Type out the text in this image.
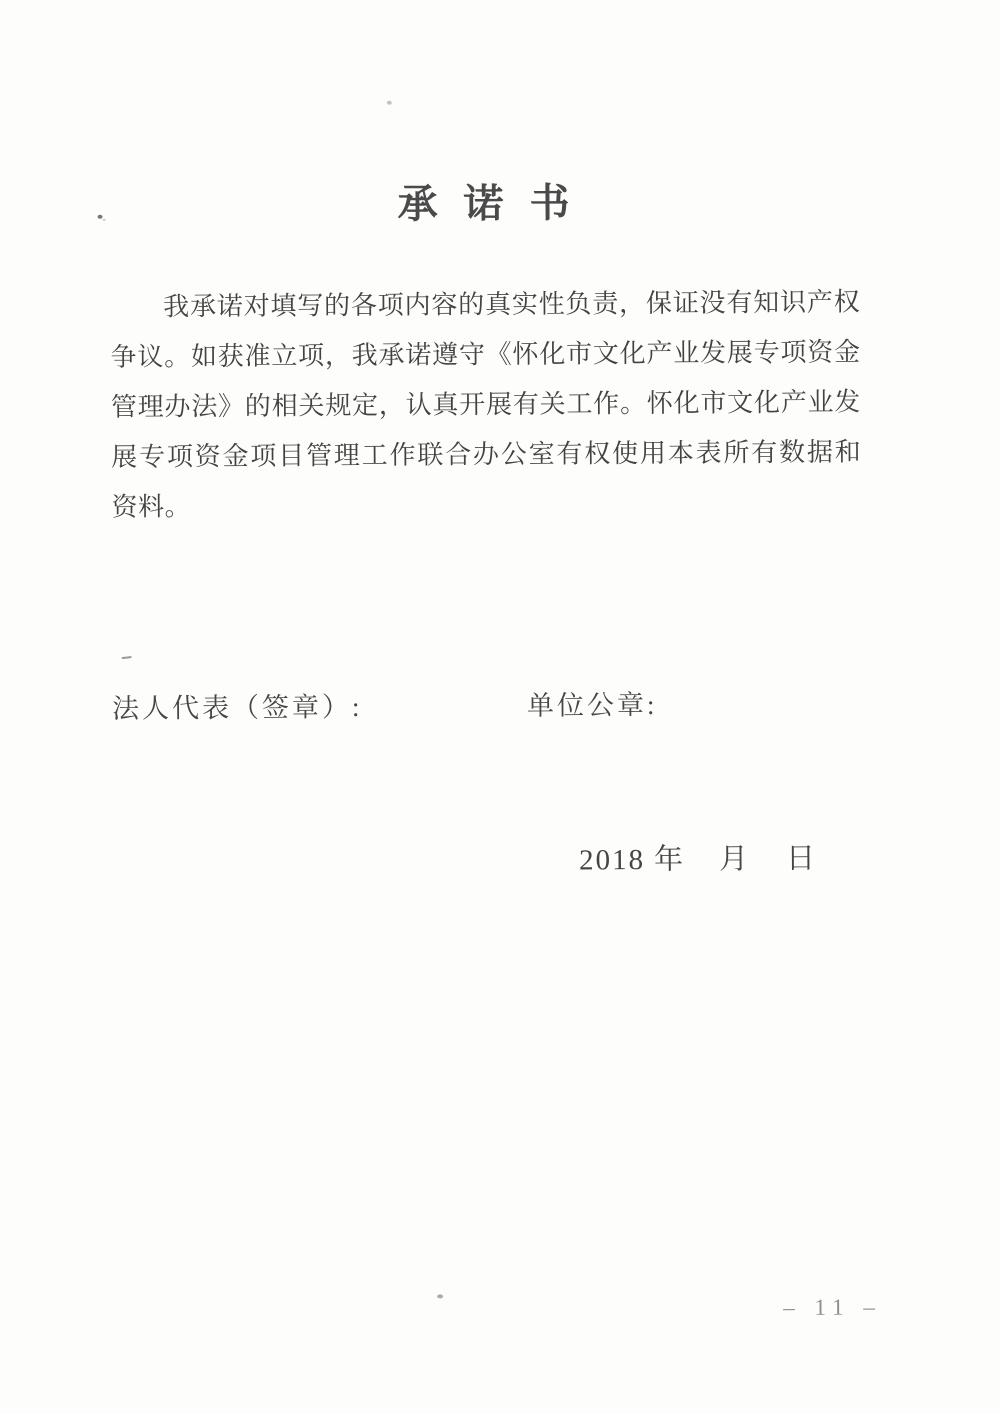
承诺书
我承诺对填写的各项内容的真实性负责，保证没有知识产权
争议。如获准立项，我承诺遵守《怀化市文化产业发展专项资金
管理办法》的相关规定，认真开展有关工作。怀化市文化产业发
展专项资金项目管理工作联合办公室有权使用本表所有数据和
资料。
法人代表（签章）:	单位公章:
2018 年 月 日
– 11 –
